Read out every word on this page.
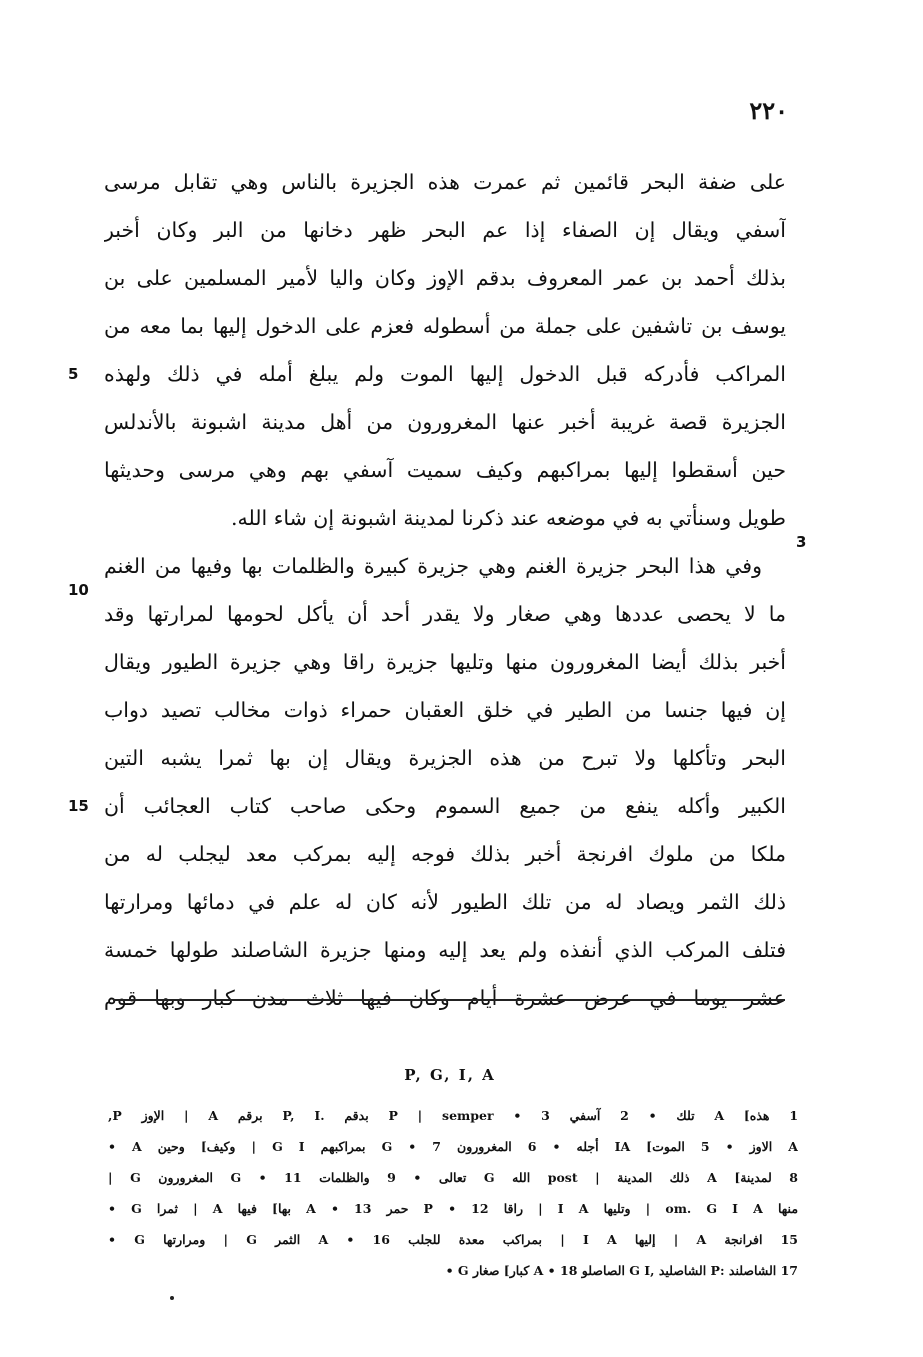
٢٢٠
على ضفة البحر قائمين ثم عمرت هذه الجزيرة بالناس وهي تقابل مرسى
آسفي ويقال إن الصفاء إذا عم البحر ظهر دخانها من البر وكان أخبر
بذلك أحمد بن عمر المعروف بدقم الإوز وكان واليا لأمير المسلمين على بن
يوسف بن تاشفين على جملة من أسطوله فعزم على الدخول إليها بما معه من
المراكب فأدركه قبل الدخول إليها الموت ولم يبلغ أمله في ذلك ولهذه
الجزيرة قصة غريبة أخبر عنها المغرورون من أهل مدينة اشبونة بالأندلس
حين أسقطوا إليها بمراكبهم وكيف سميت آسفي بهم وهي مرسى وحديثها
طويل وسنأتي به في موضعه عند ذكرنا لمدينة اشبونة إن شاء الله.
وفي هذا البحر جزيرة الغنم وهي جزيرة كبيرة والظلمات بها وفيها من الغنم
ما لا يحصى عددها وهي صغار ولا يقدر أحد أن يأكل لحومها لمرارتها وقد
أخبر بذلك أيضا المغرورون منها وتليها جزيرة راقا وهي جزيرة الطيور ويقال
إن فيها جنسا من الطير في خلق العقبان حمراء ذوات مخالب تصيد دواب
البحر وتأكلها ولا تبرح من هذه الجزيرة ويقال إن بها ثمرا يشبه التين
الكبير وأكله ينفع من جميع السموم وحكى صاحب كتاب العجائب أن
ملكا من ملوك افرنجة أخبر بذلك فوجه إليه بمركب معد ليجلب له من
ذلك الثمر ويصاد له من تلك الطيور لأنه كان له علم في دمائها ومرارتها
فتلف المركب الذي أنفذه ولم يعد إليه ومنها جزيرة الشاصلند طولها خمسة
عشر يوما في عرض عشرة أيام وكان فيها ثلاث مدن كبار وبها قوم
5
10
15
3
P, G, I, A
1 هذه] A تلك • 2 آسفي P | semper • 3 بدقم .P, I برقم A | الإوز P,
A الاوز • 5 الموت] IA أجله • 6 المغرورون G • 7 بمراكبهم G I | وكيف] وحين A •
8 لمدينة] A ذلك المدينة | post الله G تعالى • 9 والظلمات G • 11 المغرورون G |
منها om. G I A | وتليها I A | راقا P • 12 حمر A • 13 بها] فيها A | ثمرا G •
15 افرانجة A | إليها I A | بمراكب معدة للجلب A • 16 الثمر G | ومرارتها G •
17 الشاصلند :P الشاصليد ,G I الصاصلو A • 18 كبار] صغار G •
